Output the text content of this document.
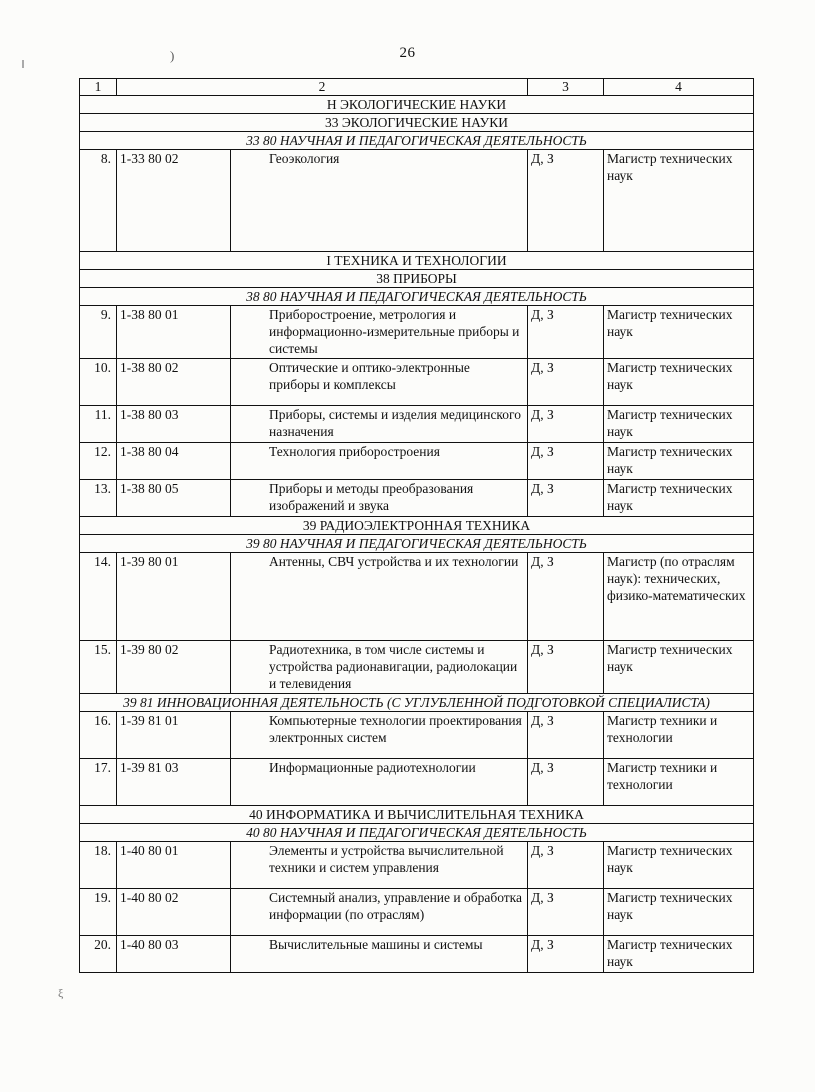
)
ξ
26
1	2		3	4
Н ЭКОЛОГИЧЕСКИЕ НАУКИ				
33 ЭКОЛОГИЧЕСКИЕ НАУКИ				
33 80 НАУЧНАЯ И ПЕДАГОГИЧЕСКАЯ ДЕЯТЕЛЬНОСТЬ				
8.	1-33 80 02	Геоэкология	Д, З	Магистр технических наук
I ТЕХНИКА И ТЕХНОЛОГИИ				
38 ПРИБОРЫ				
38 80 НАУЧНАЯ И ПЕДАГОГИЧЕСКАЯ ДЕЯТЕЛЬНОСТЬ				
9.	1-38 80 01	Приборостроение, метрология и информационно-измерительные приборы и системы	Д, З	Магистр технических наук
10.	1-38 80 02	Оптические и оптико-электронные приборы и комплексы	Д, З	Магистр технических наук
11.	1-38 80 03	Приборы, системы и изделия медицинского назначения	Д, З	Магистр технических наук
12.	1-38 80 04	Технология приборостроения	Д, З	Магистр технических наук
13.	1-38 80 05	Приборы и методы преобразования изображений и звука	Д, З	Магистр технических наук
39 РАДИОЭЛЕКТРОННАЯ ТЕХНИКА				
39 80 НАУЧНАЯ И ПЕДАГОГИЧЕСКАЯ ДЕЯТЕЛЬНОСТЬ				
14.	1-39 80 01	Антенны, СВЧ устройства и их технологии	Д, З	Магистр (по отраслям наук): технических, физико-математических
15.	1-39 80 02	Радиотехника, в том числе системы и устройства радионавигации, радиолокации и телевидения	Д, З	Магистр технических наук
39 81 ИННОВАЦИОННАЯ ДЕЯТЕЛЬНОСТЬ (С УГЛУБЛЕННОЙ ПОДГОТОВКОЙ СПЕЦИАЛИСТА)				
16.	1-39 81 01	Компьютерные технологии проектирования электронных систем	Д, З	Магистр техники и технологии
17.	1-39 81 03	Информационные радиотехнологии	Д, З	Магистр техники и технологии
40 ИНФОРМАТИКА И ВЫЧИСЛИТЕЛЬНАЯ ТЕХНИКА				
40 80 НАУЧНАЯ И ПЕДАГОГИЧЕСКАЯ ДЕЯТЕЛЬНОСТЬ				
18.	1-40 80 01	Элементы и устройства вычислительной техники и систем управления	Д, З	Магистр технических наук
19.	1-40 80 02	Системный анализ, управление и обработка информации (по отраслям)	Д, З	Магистр технических наук
20.	1-40 80 03	Вычислительные машины и системы	Д, З	Магистр технических наук
